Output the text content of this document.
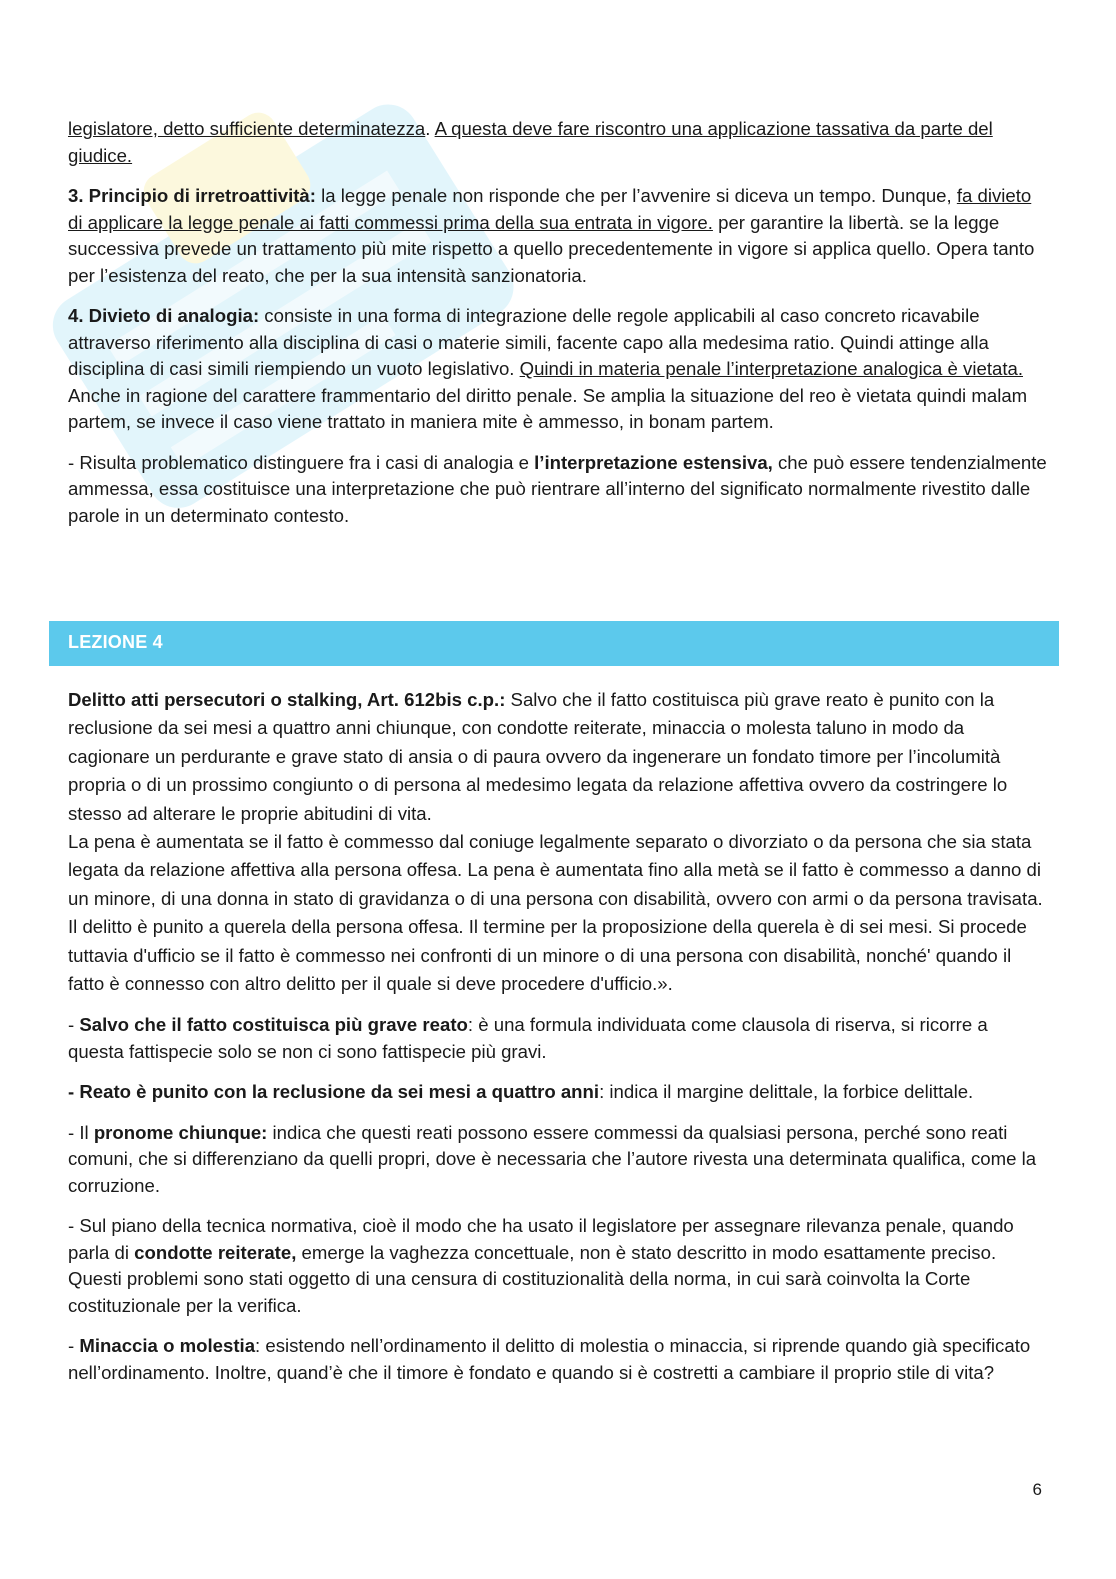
legislatore, detto sufficiente determinatezza. A questa deve fare riscontro una applicazione tassativa da parte del giudice.

3. Principio di irretroattività: la legge penale non risponde che per l’avvenire si diceva un tempo. Dunque, fa divieto di applicare la legge penale ai fatti commessi prima della sua entrata in vigore. per garantire la libertà. se la legge successiva prevede un trattamento più mite rispetto a quello precedentemente in vigore si applica quello. Opera tanto per l’esistenza del reato, che per la sua intensità sanzionatoria.

4. Divieto di analogia: consiste in una forma di integrazione delle regole applicabili al caso concreto ricavabile attraverso riferimento alla disciplina di casi o materie simili, facente capo alla medesima ratio. Quindi attinge alla disciplina di casi simili riempiendo un vuoto legislativo. Quindi in materia penale l’interpretazione analogica è vietata. Anche in ragione del carattere frammentario del diritto penale. Se amplia la situazione del reo è vietata quindi malam partem, se invece il caso viene trattato in maniera mite è ammesso, in bonam partem.

- Risulta problematico distinguere fra i casi di analogia e l’interpretazione estensiva, che può essere tendenzialmente ammessa, essa costituisce una interpretazione che può rientrare all’interno del significato normalmente rivestito dalle parole in un determinato contesto.

LEZIONE 4

Delitto atti persecutori o stalking, Art. 612bis c.p.: Salvo che il fatto costituisca più grave reato è punito con la reclusione da sei mesi a quattro anni chiunque, con condotte reiterate, minaccia o molesta taluno in modo da cagionare un perdurante e grave stato di ansia o di paura ovvero da ingenerare un fondato timore per l’incolumità propria o di un prossimo congiunto o di persona al medesimo legata da relazione affettiva ovvero da costringere lo stesso ad alterare le proprie abitudini di vita.
La pena è aumentata se il fatto è commesso dal coniuge legalmente separato o divorziato o da persona che sia stata legata da relazione affettiva alla persona offesa. La pena è aumentata fino alla metà se il fatto è commesso a danno di un minore, di una donna in stato di gravidanza o di una persona con disabilità, ovvero con armi o da persona travisata.
Il delitto è punito a querela della persona offesa. Il termine per la proposizione della querela è di sei mesi. Si procede tuttavia d'ufficio se il fatto è commesso nei confronti di un minore o di una persona con disabilità, nonché' quando il fatto è connesso con altro delitto per il quale si deve procedere d'ufficio.».

- Salvo che il fatto costituisca più grave reato: è una formula individuata come clausola di riserva, si ricorre a questa fattispecie solo se non ci sono fattispecie più gravi.

- Reato è punito con la reclusione da sei mesi a quattro anni: indica il margine delittale, la forbice delittale.

- Il pronome chiunque: indica che questi reati possono essere commessi da qualsiasi persona, perché sono reati comuni, che si differenziano da quelli propri, dove è necessaria che l’autore rivesta una determinata qualifica, come la corruzione.

- Sul piano della tecnica normativa, cioè il modo che ha usato il legislatore per assegnare rilevanza penale, quando parla di condotte reiterate, emerge la vaghezza concettuale, non è stato descritto in modo esattamente preciso. Questi problemi sono stati oggetto di una censura di costituzionalità della norma, in cui sarà coinvolta la Corte costituzionale per la verifica.

- Minaccia o molestia: esistendo nell’ordinamento il delitto di molestia o minaccia, si riprende quando già specificato nell’ordinamento. Inoltre, quand’è che il timore è fondato e quando si è costretti a cambiare il proprio stile di vita?

6
